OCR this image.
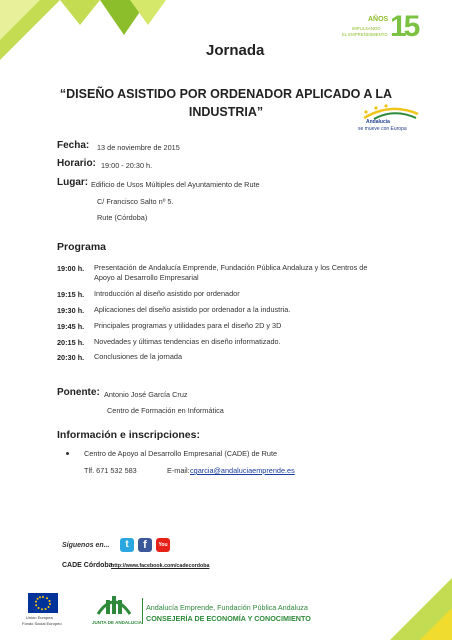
AÑOS
IMPULSANDO
EL EMPRENDIMIENTO 15
Jornada
“DISEÑO ASISTIDO POR ORDENADOR APLICADO A LA
INDUSTRIA”
Andalucía
se mueve con Europa
Fecha: 13 de noviembre de 2015
Horario: 19:00 - 20:30 h.
Lugar: Edificio de Usos Múltiples del Ayuntamiento de Rute
C/ Francisco Salto nº 5.
Rute (Córdoba)
Programa
19:00 h. Presentación de Andalucía Emprende, Fundación Pública Andaluza y los Centros de
Apoyo al Desarrollo Empresarial
19:15 h. Introducción al diseño asistido por ordenador
19:30 h. Aplicaciones del diseño asistido por ordenador a la industria.
19:45 h. Principales programas y utilidades para el diseño 2D y 3D
20:15 h. Novedades y últimas tendencias en diseño informatizado.
20:30 h. Conclusiones de la jornada
Ponente: Antonio José García Cruz
Centro de Formación en Informática
Información e inscripciones:
Centro de Apoyo al Desarrollo Empresarial (CADE) de Rute
Tlf. 671 532 583	E-mail: cgarcia@andaluciaemprende.es
Síguenos en...	t	f	You
CADE Córdoba
http://www.facebook.com/cadecordoba
Unión Europea
Fondo Social Europeo	JUNTA DE ANDALUCIA
Andalucía Emprende, Fundación Pública Andaluza
CONSEJERÍA DE ECONOMÍA Y CONOCIMIENTO
